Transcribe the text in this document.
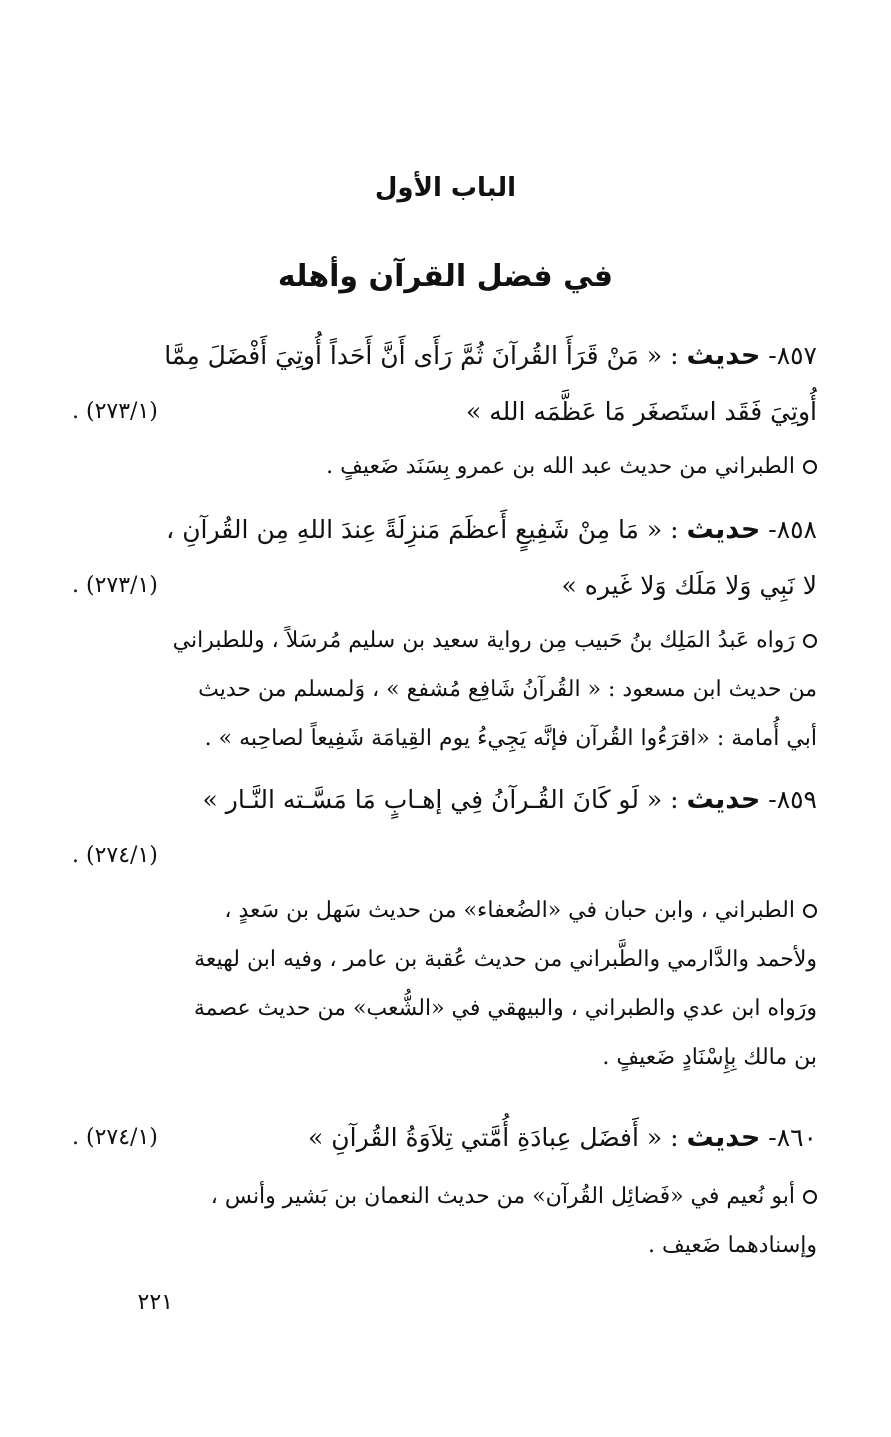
الباب الأول
في فضل القرآن وأهله
٨٥٧- حديث : « مَنْ قَرَأَ القُرآنَ ثُمَّ رَأَى أَنَّ أَحَداً أُوتِيَ أَفْضَلَ مِمَّا
أُوتِيَ فَقَد استَصغَر مَا عَظَّمَه الله »
(٢٧٣/١) .
الطبراني من حديث عبد الله بن عمرو بِسَنَد ضَعيفٍ .
٨٥٨- حديث : « مَا مِنْ شَفِيعٍ أَعظَمَ مَنزِلَةً عِندَ اللهِ مِن القُرآنِ ،
لا نَبِي وَلا مَلَك وَلا غَيره »
(٢٧٣/١) .
رَواه عَبدُ المَلِك بنُ حَبيب مِن رواية سعيد بن سليم مُرسَلاً ، وللطبراني
من حديث ابن مسعود : « القُرآنُ شَافِع مُشفع » ، وَلمسلم من حديث
أبي أُمامة : «اقرَءُوا القُرآن فإنَّه يَجِيءُ يوم القِيامَة شَفِيعاً لصاحِبه » .
٨٥٩- حديث : « لَو كَانَ القُـرآنُ فِي إهـابٍ مَا مَسَّـته النَّـار »
(٢٧٤/١) .
الطبراني ، وابن حبان في «الضُعفاء» من حديث سَهل بن سَعدٍ ،
ولأحمد والدَّارمي والطَّبراني من حديث عُقبة بن عامر ، وفيه ابن لهيعة
ورَواه ابن عدي والطبراني ، والبيهقي في «الشُّعب» من حديث عصمة
بن مالك بِإِسْنَادٍ ضَعيفٍ .
٨٦٠- حديث : « أَفضَل عِبادَةِ أُمَّتي تِلاَوَةُ القُرآنِ »
(٢٧٤/١) .
أبو نُعيم في «فَضائِل القُرآن» من حديث النعمان بن بَشير وأنس ،
وإسنادهما ضَعيف .
٢٢١
